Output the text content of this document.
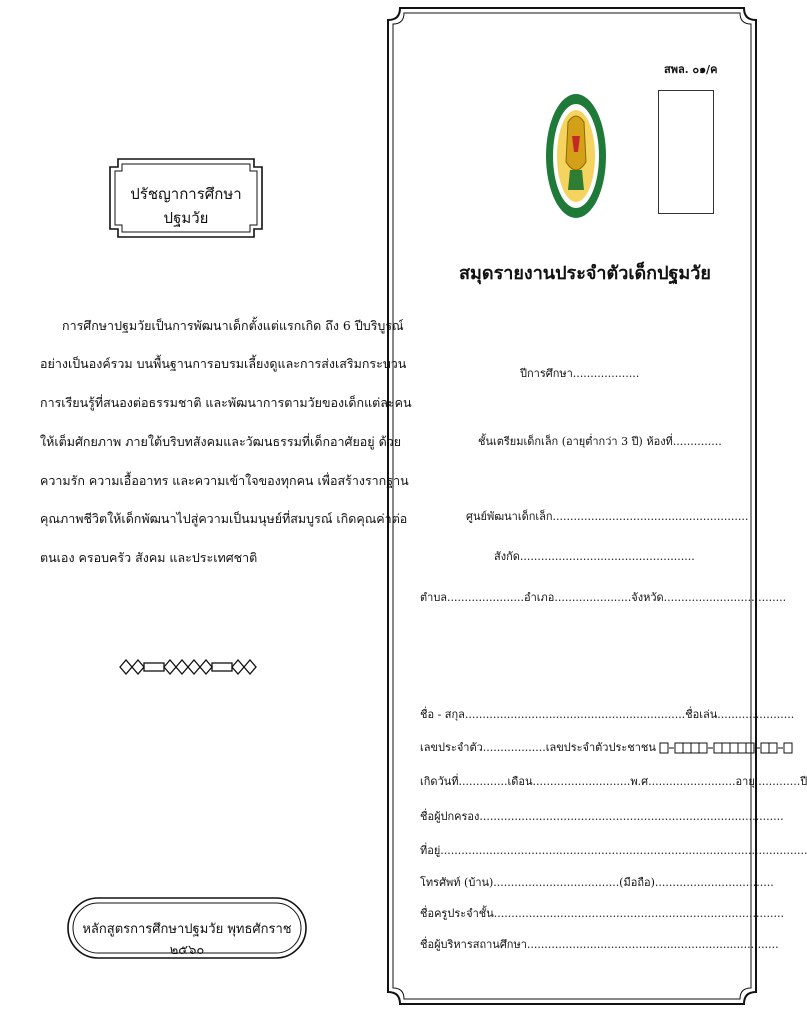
ปรัชญาการศึกษาปฐมวัย
การศึกษาปฐมวัยเป็นการพัฒนาเด็กตั้งแต่แรกเกิด ถึง 6 ปีบริบูรณ์
อย่างเป็นองค์รวม บนพื้นฐานการอบรมเลี้ยงดูและการส่งเสริมกระบวน
การเรียนรู้ที่สนองต่อธรรมชาติ และพัฒนาการตามวัยของเด็กแต่ละคน
ให้เต็มศักยภาพ ภายใต้บริบทสังคมและวัฒนธรรมที่เด็กอาศัยอยู่ ด้วย
ความรัก ความเอื้ออาทร และความเข้าใจของทุกคน เพื่อสร้างรากฐาน
คุณภาพชีวิตให้เด็กพัฒนาไปสู่ความเป็นมนุษย์ที่สมบูรณ์ เกิดคุณค่าต่อ
ตนเอง ครอบครัว สังคม และประเทศชาติ
หลักสูตรการศึกษาปฐมวัย พุทธศักราช ๒๕๖๐
สพล. ๐๑/ค
สมุดรายงานประจำตัวเด็กปฐมวัย
ปีการศึกษา...................
ชั้นเตรียมเด็กเล็ก (อายุต่ำกว่า 3 ปี) ห้องที่..............
ศูนย์พัฒนาเด็กเล็ก........................................................
สังกัด..................................................
ตำบล......................อำเภอ......................จังหวัด...................................
ชื่อ - สกุล...............................................................ชื่อเล่น......................
เลขประจำตัว..................เลขประจำตัวประชาชน
เกิดวันที่..............เดือน............................พ.ศ.........................อายุ.............ปี
ชื่อผู้ปกครอง.......................................................................................
ที่อยู่.........................................................................................................
โทรศัพท์ (บ้าน)....................................(มือถือ)..................................
ชื่อครูประจำชั้น...................................................................................
ชื่อผู้บริหารสถานศึกษา........................................................................
